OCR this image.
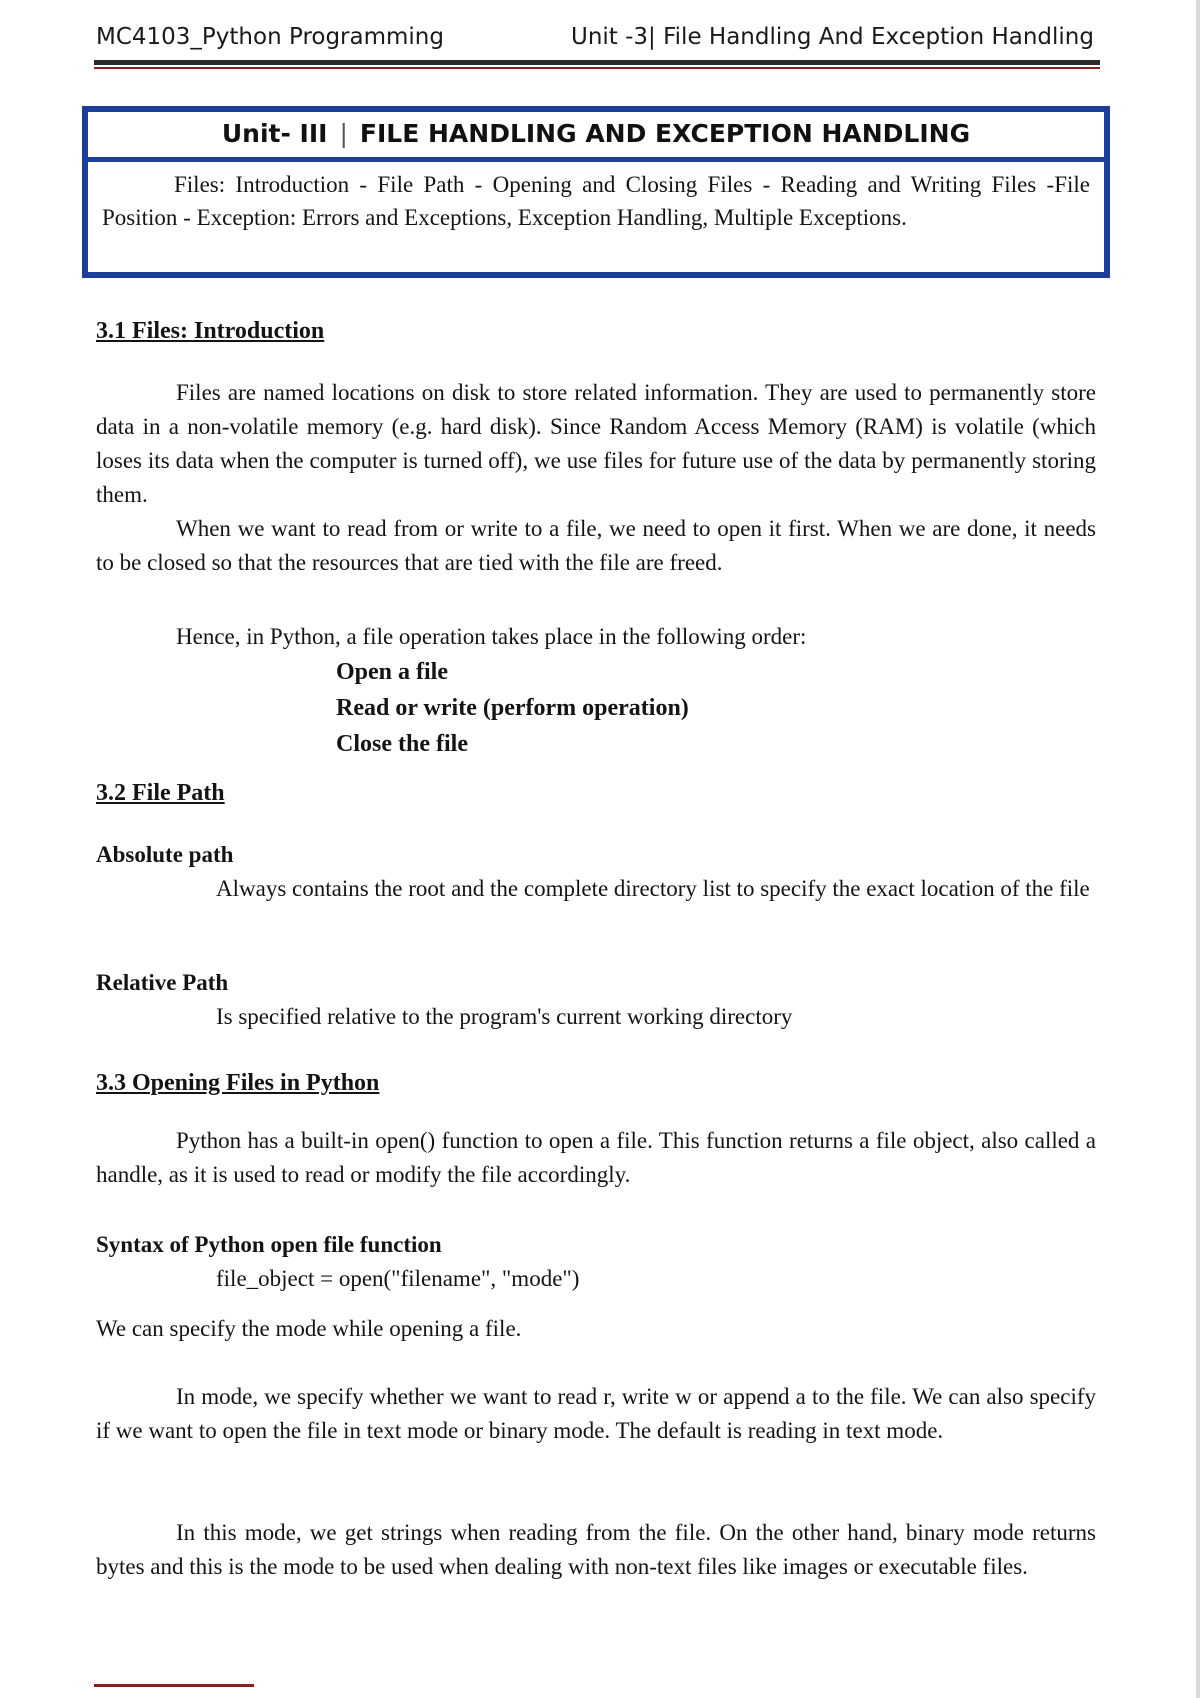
MC4103_Python Programming	Unit -3| File Handling And Exception Handling
Unit- III | FILE HANDLING AND EXCEPTION HANDLING
Files: Introduction - File Path - Opening and Closing Files - Reading and Writing Files -File Position - Exception: Errors and Exceptions, Exception Handling, Multiple Exceptions.
3.1 Files: Introduction
Files are named locations on disk to store related information. They are used to permanently store data in a non-volatile memory (e.g. hard disk). Since Random Access Memory (RAM) is volatile (which loses its data when the computer is turned off), we use files for future use of the data by permanently storing them.
When we want to read from or write to a file, we need to open it first. When we are done, it needs to be closed so that the resources that are tied with the file are freed.
Hence, in Python, a file operation takes place in the following order:
Open a file
Read or write (perform operation)
Close the file
3.2 File Path
Absolute path
Always contains the root and the complete directory list to specify the exact location of the file
Relative Path
Is specified relative to the program's current working directory
3.3 Opening Files in Python
Python has a built-in open() function to open a file. This function returns a file object, also called a handle, as it is used to read or modify the file accordingly.
Syntax of Python open file function
file_object = open("filename", "mode")
We can specify the mode while opening a file.
In mode, we specify whether we want to read r, write w or append a to the file. We can also specify if we want to open the file in text mode or binary mode. The default is reading in text mode.
In this mode, we get strings when reading from the file. On the other hand, binary mode returns bytes and this is the mode to be used when dealing with non-text files like images or executable files.
